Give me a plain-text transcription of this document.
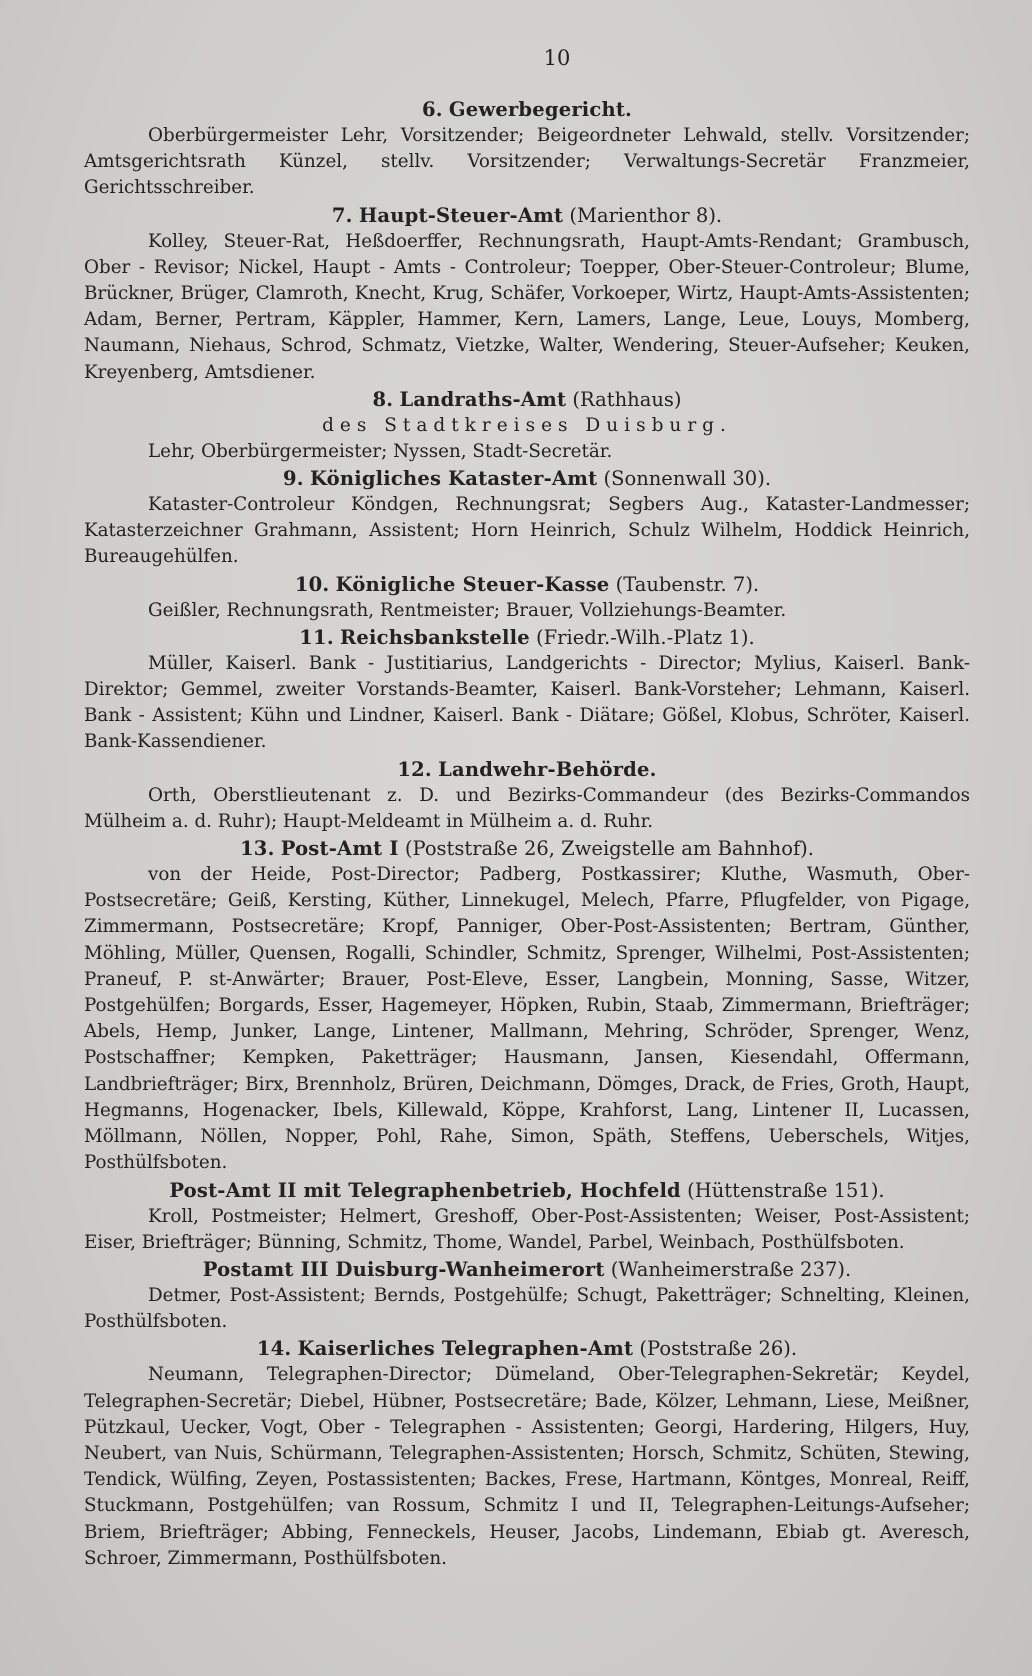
10
6. Gewerbegericht.

Oberbürgermeister Lehr, Vorsitzender; Beigeordneter Lehwald, stellv. Vorsitzender; Amtsgerichtsrath Künzel, stellv. Vorsitzender; Verwaltungs-Secretär Franzmeier, Gerichtsschreiber.

7. Haupt-Steuer-Amt (Marienthor 8).

Kolley, Steuer-Rat, Heßdoerffer, Rechnungsrath, Haupt-Amts-Rendant; Grambusch, Ober - Revisor; Nickel, Haupt - Amts - Controleur; Toepper, Ober-Steuer-Controleur; Blume, Brückner, Brüger, Clamroth, Knecht, Krug, Schäfer, Vorkoeper, Wirtz, Haupt-Amts-Assistenten; Adam, Berner, Pertram, Käppler, Hammer, Kern, Lamers, Lange, Leue, Louys, Momberg, Naumann, Niehaus, Schrod, Schmatz, Vietzke, Walter, Wendering, Steuer-Aufseher; Keuken, Kreyenberg, Amtsdiener.

8. Landraths-Amt (Rathhaus)
des Stadtkreises Duisburg.

Lehr, Oberbürgermeister; Nyssen, Stadt-Secretär.

9. Königliches Kataster-Amt (Sonnenwall 30).

Kataster-Controleur Köndgen, Rechnungsrat; Segbers Aug., Kataster-Landmesser; Katasterzeichner Grahmann, Assistent; Horn Heinrich, Schulz Wilhelm, Hoddick Heinrich, Bureaugehülfen.

10. Königliche Steuer-Kasse (Taubenstr. 7).

Geißler, Rechnungsrath, Rentmeister; Brauer, Vollziehungs-Beamter.

11. Reichsbankstelle (Friedr.-Wilh.-Platz 1).

Müller, Kaiserl. Bank - Justitiarius, Landgerichts - Director; Mylius, Kaiserl. Bank-Direktor; Gemmel, zweiter Vorstands-Beamter, Kaiserl. Bank-Vorsteher; Lehmann, Kaiserl. Bank - Assistent; Kühn und Lindner, Kaiserl. Bank - Diätare; Gößel, Klobus, Schröter, Kaiserl. Bank-Kassendiener.

12. Landwehr-Behörde.

Orth, Oberstlieutenant z. D. und Bezirks-Commandeur (des Bezirks-Commandos Mülheim a. d. Ruhr); Haupt-Meldeamt in Mülheim a. d. Ruhr.

13. Post-Amt I (Poststraße 26, Zweigstelle am Bahnhof).

von der Heide, Post-Director; Padberg, Postkassirer; Kluthe, Wasmuth, Ober-Postsecretäre; Geiß, Kersting, Küther, Linnekugel, Melech, Pfarre, Pflugfelder, von Pigage, Zimmermann, Postsecretäre; Kropf, Panniger, Ober-Post-Assistenten; Bertram, Günther, Möhling, Müller, Quensen, Rogalli, Schindler, Schmitz, Sprenger, Wilhelmi, Post-Assistenten; Praneuf, P. st-Anwärter; Brauer, Post-Eleve, Esser, Langbein, Monning, Sasse, Witzer, Postgehülfen; Borgards, Esser, Hagemeyer, Höpken, Rubin, Staab, Zimmermann, Briefträger; Abels, Hemp, Junker, Lange, Lintener, Mallmann, Mehring, Schröder, Sprenger, Wenz, Postschaffner; Kempken, Paketträger; Hausmann, Jansen, Kiesendahl, Offermann, Landbriefträger; Birx, Brennholz, Brüren, Deichmann, Dömges, Drack, de Fries, Groth, Haupt, Hegmanns, Hogenacker, Ibels, Killewald, Köppe, Krahforst, Lang, Lintener II, Lucassen, Möllmann, Nöllen, Nopper, Pohl, Rahe, Simon, Späth, Steffens, Ueberschels, Witjes, Posthülfsboten.

Post-Amt II mit Telegraphenbetrieb, Hochfeld (Hüttenstraße 151).

Kroll, Postmeister; Helmert, Greshoff, Ober-Post-Assistenten; Weiser, Post-Assistent; Eiser, Briefträger; Bünning, Schmitz, Thome, Wandel, Parbel, Weinbach, Posthülfsboten.

Postamt III Duisburg-Wanheimerort (Wanheimerstraße 237).

Detmer, Post-Assistent; Bernds, Postgehülfe; Schugt, Paketträger; Schnelting, Kleinen, Posthülfsboten.

14. Kaiserliches Telegraphen-Amt (Poststraße 26).

Neumann, Telegraphen-Director; Dümeland, Ober-Telegraphen-Sekretär; Keydel, Telegraphen-Secretär; Diebel, Hübner, Postsecretäre; Bade, Kölzer, Lehmann, Liese, Meißner, Pützkaul, Uecker, Vogt, Ober - Telegraphen - Assistenten; Georgi, Hardering, Hilgers, Huy, Neubert, van Nuis, Schürmann, Telegraphen-Assistenten; Horsch, Schmitz, Schüten, Stewing, Tendick, Wülfing, Zeyen, Postassistenten; Backes, Frese, Hartmann, Köntges, Monreal, Reiff, Stuckmann, Postgehülfen; van Rossum, Schmitz I und II, Telegraphen-Leitungs-Aufseher; Briem, Briefträger; Abbing, Fenneckels, Heuser, Jacobs, Lindemann, Ebiab gt. Averesch, Schroer, Zimmermann, Posthülfsboten.
